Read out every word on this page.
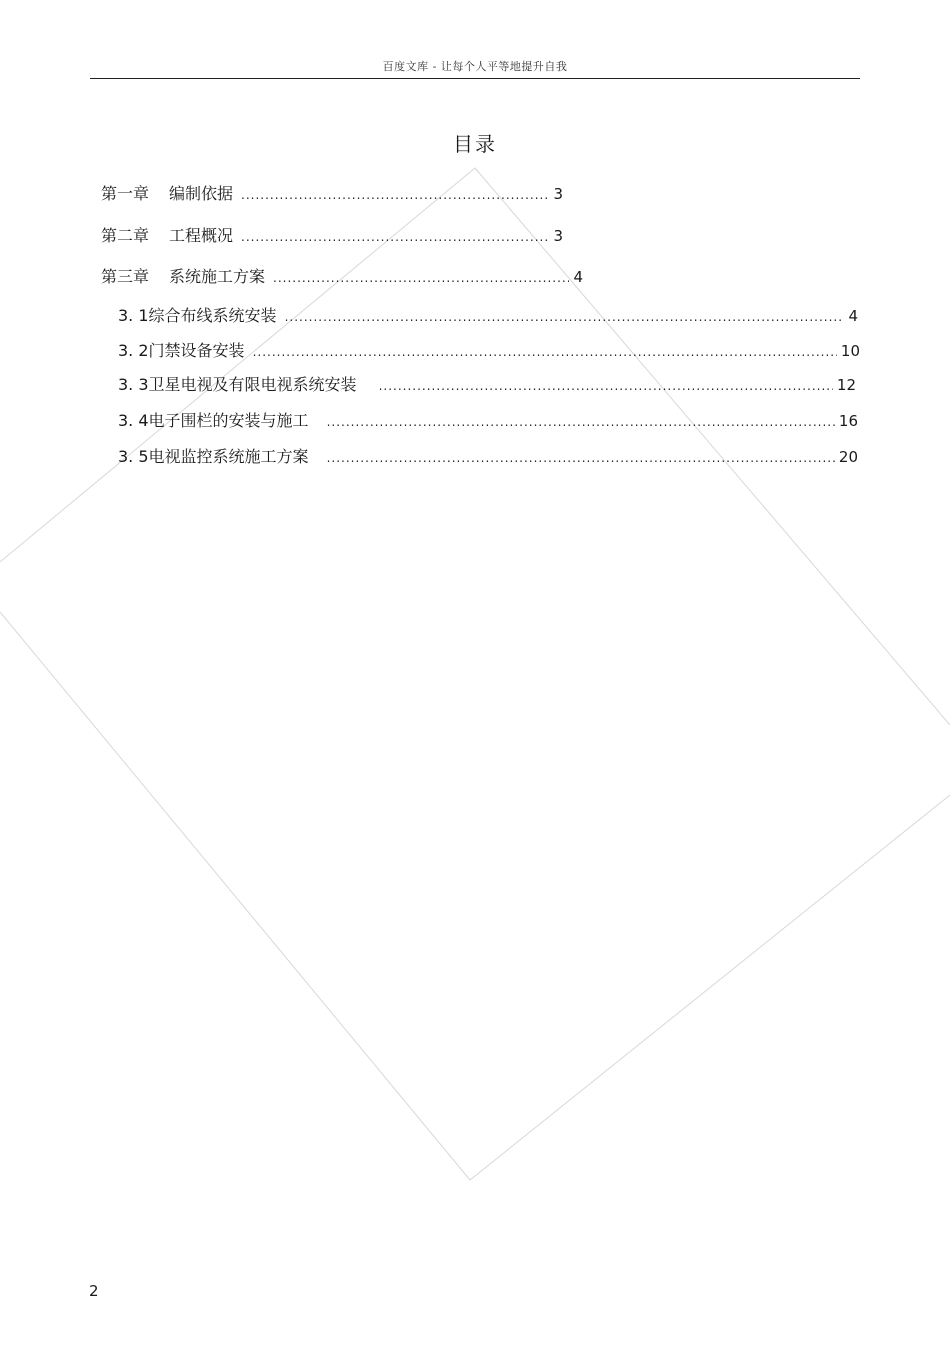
百度文库 - 让每个人平等地提升自我
目录
第一章 编制依据 .....	3
第二章 工程概况 .....	3
第三章 系统施工方案 .....	4
3. 1综合布线系统安装 .....	4
3. 2门禁设备安装 .....	10
3. 3卫星电视及有限电视系统安装 .....	12
3. 4电子围栏的安装与施工 .....	16
3. 5电视监控系统施工方案 .....	20
2
